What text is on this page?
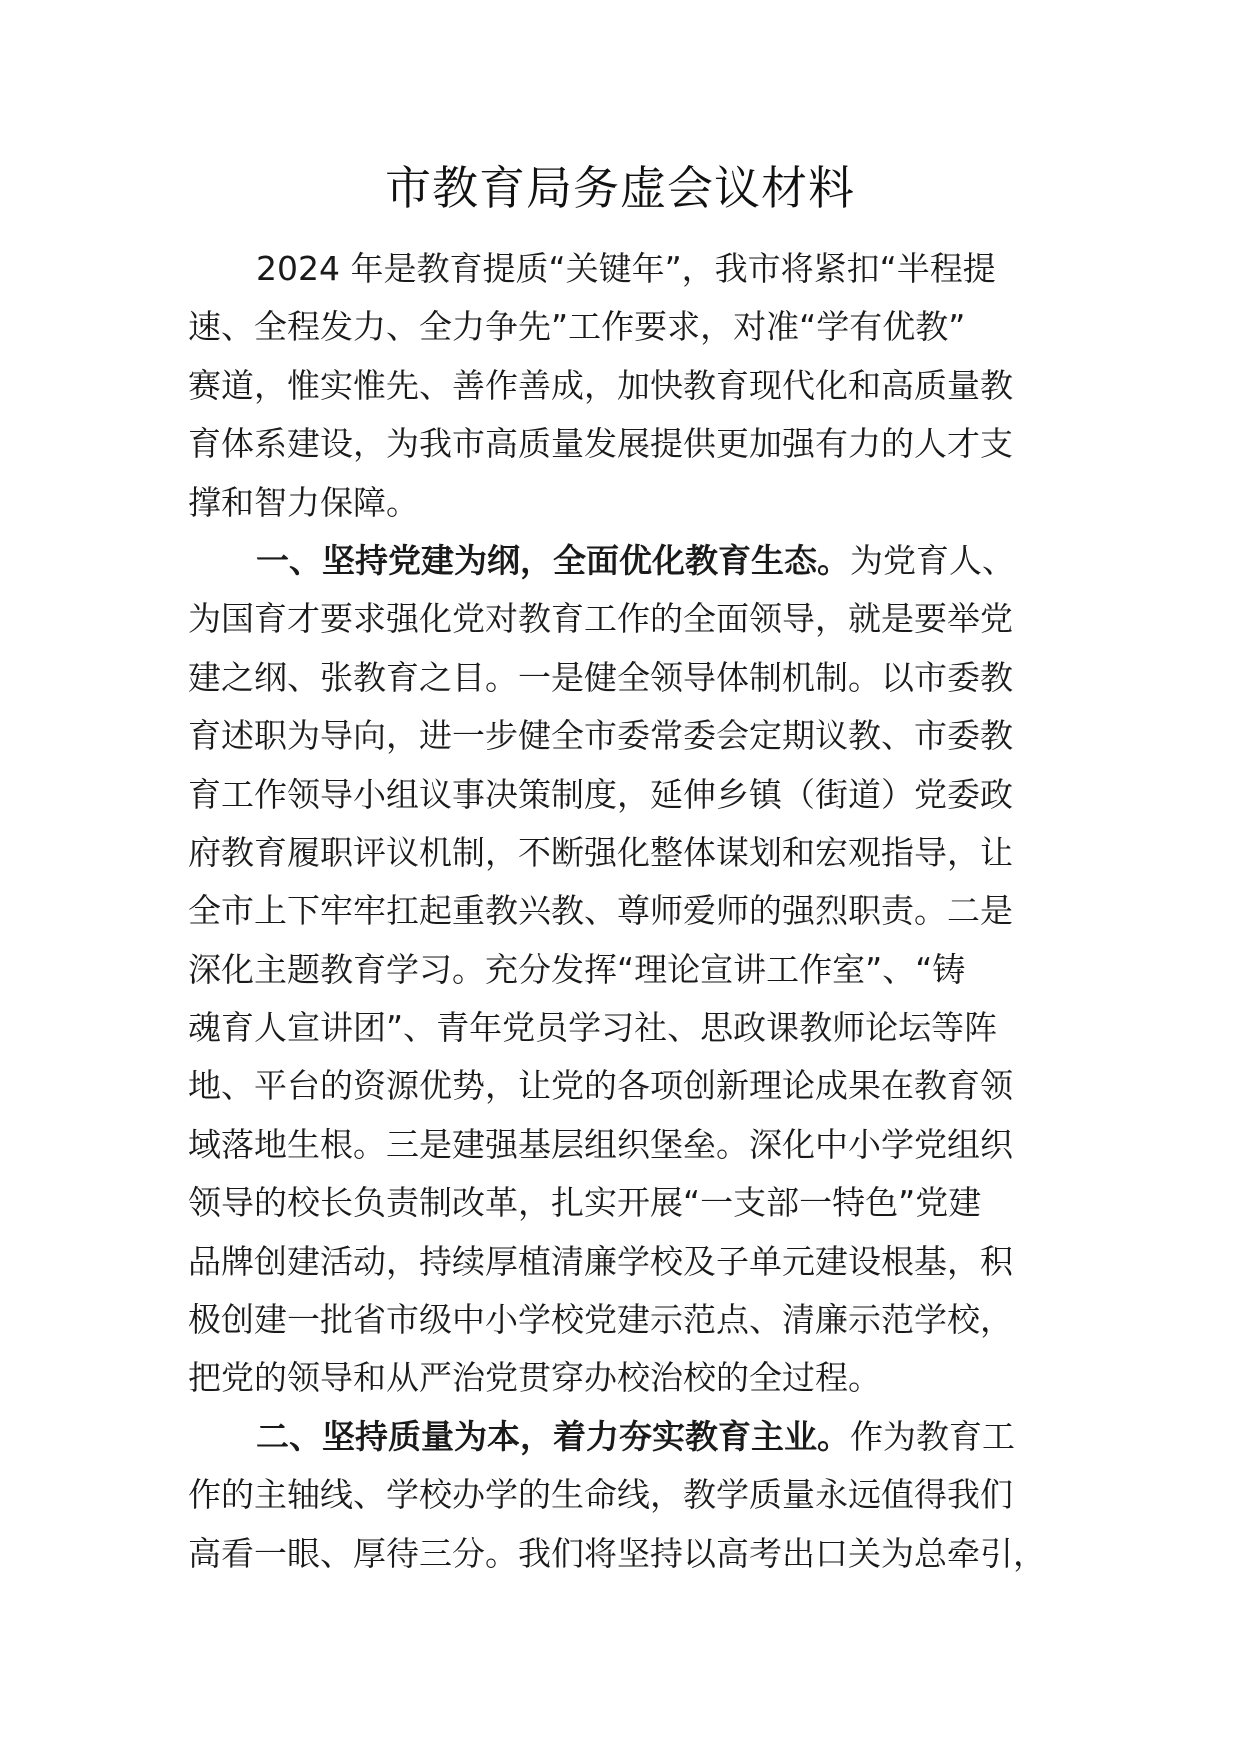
市教育局务虚会议材料
2024 年是教育提质“关键年”，我市将紧扣“半程提
速、全程发力、全力争先”工作要求，对准“学有优教”
赛道，惟实惟先、善作善成，加快教育现代化和高质量教
育体系建设，为我市高质量发展提供更加强有力的人才支
撑和智力保障。
一、坚持党建为纲，全面优化教育生态。为党育人、
为国育才要求强化党对教育工作的全面领导，就是要举党
建之纲、张教育之目。一是健全领导体制机制。以市委教
育述职为导向，进一步健全市委常委会定期议教、市委教
育工作领导小组议事决策制度，延伸乡镇（街道）党委政
府教育履职评议机制，不断强化整体谋划和宏观指导，让
全市上下牢牢扛起重教兴教、尊师爱师的强烈职责。二是
深化主题教育学习。充分发挥“理论宣讲工作室”、“铸
魂育人宣讲团”、青年党员学习社、思政课教师论坛等阵
地、平台的资源优势，让党的各项创新理论成果在教育领
域落地生根。三是建强基层组织堡垒。深化中小学党组织
领导的校长负责制改革，扎实开展“一支部一特色”党建
品牌创建活动，持续厚植清廉学校及子单元建设根基，积
极创建一批省市级中小学校党建示范点、清廉示范学校，
把党的领导和从严治党贯穿办校治校的全过程。
二、坚持质量为本，着力夯实教育主业。作为教育工
作的主轴线、学校办学的生命线，教学质量永远值得我们
高看一眼、厚待三分。我们将坚持以高考出口关为总牵引，
